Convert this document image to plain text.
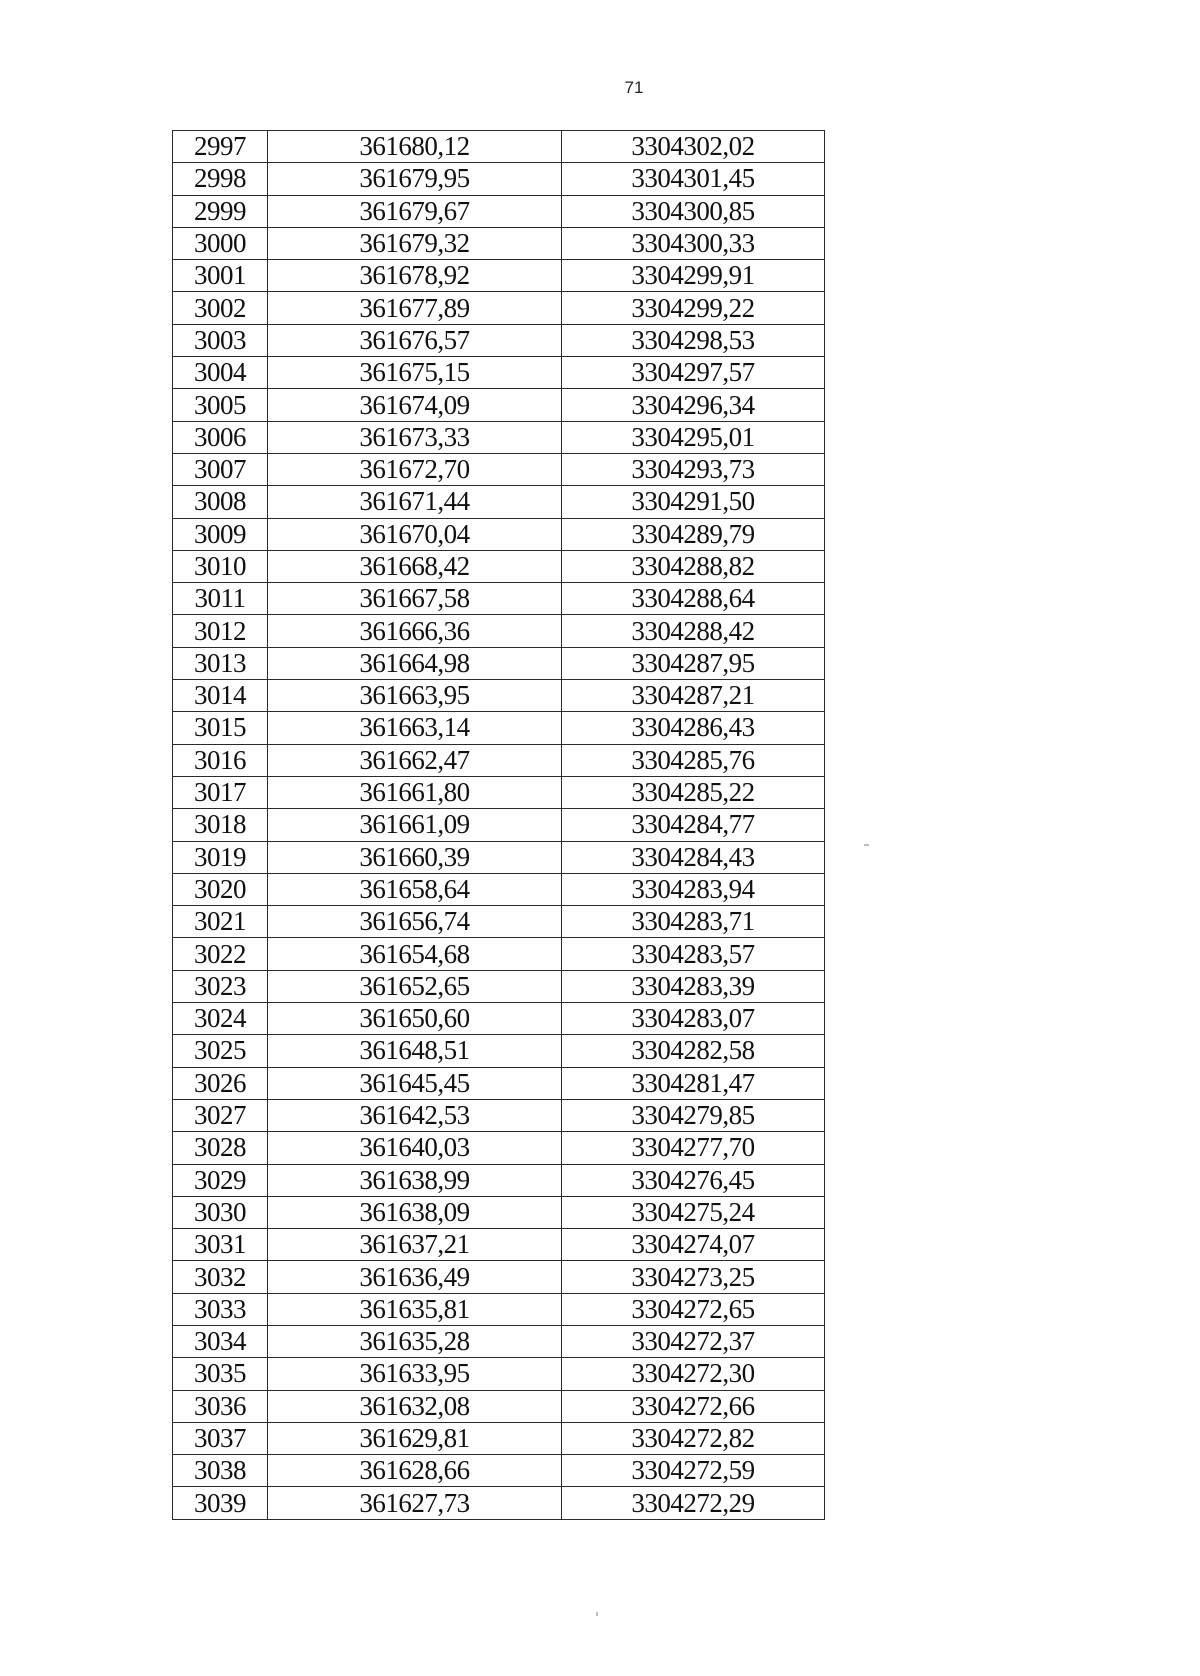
71
2997	361680,12	3304302,02
2998	361679,95	3304301,45
2999	361679,67	3304300,85
3000	361679,32	3304300,33
3001	361678,92	3304299,91
3002	361677,89	3304299,22
3003	361676,57	3304298,53
3004	361675,15	3304297,57
3005	361674,09	3304296,34
3006	361673,33	3304295,01
3007	361672,70	3304293,73
3008	361671,44	3304291,50
3009	361670,04	3304289,79
3010	361668,42	3304288,82
3011	361667,58	3304288,64
3012	361666,36	3304288,42
3013	361664,98	3304287,95
3014	361663,95	3304287,21
3015	361663,14	3304286,43
3016	361662,47	3304285,76
3017	361661,80	3304285,22
3018	361661,09	3304284,77
3019	361660,39	3304284,43
3020	361658,64	3304283,94
3021	361656,74	3304283,71
3022	361654,68	3304283,57
3023	361652,65	3304283,39
3024	361650,60	3304283,07
3025	361648,51	3304282,58
3026	361645,45	3304281,47
3027	361642,53	3304279,85
3028	361640,03	3304277,70
3029	361638,99	3304276,45
3030	361638,09	3304275,24
3031	361637,21	3304274,07
3032	361636,49	3304273,25
3033	361635,81	3304272,65
3034	361635,28	3304272,37
3035	361633,95	3304272,30
3036	361632,08	3304272,66
3037	361629,81	3304272,82
3038	361628,66	3304272,59
3039	361627,73	3304272,29
